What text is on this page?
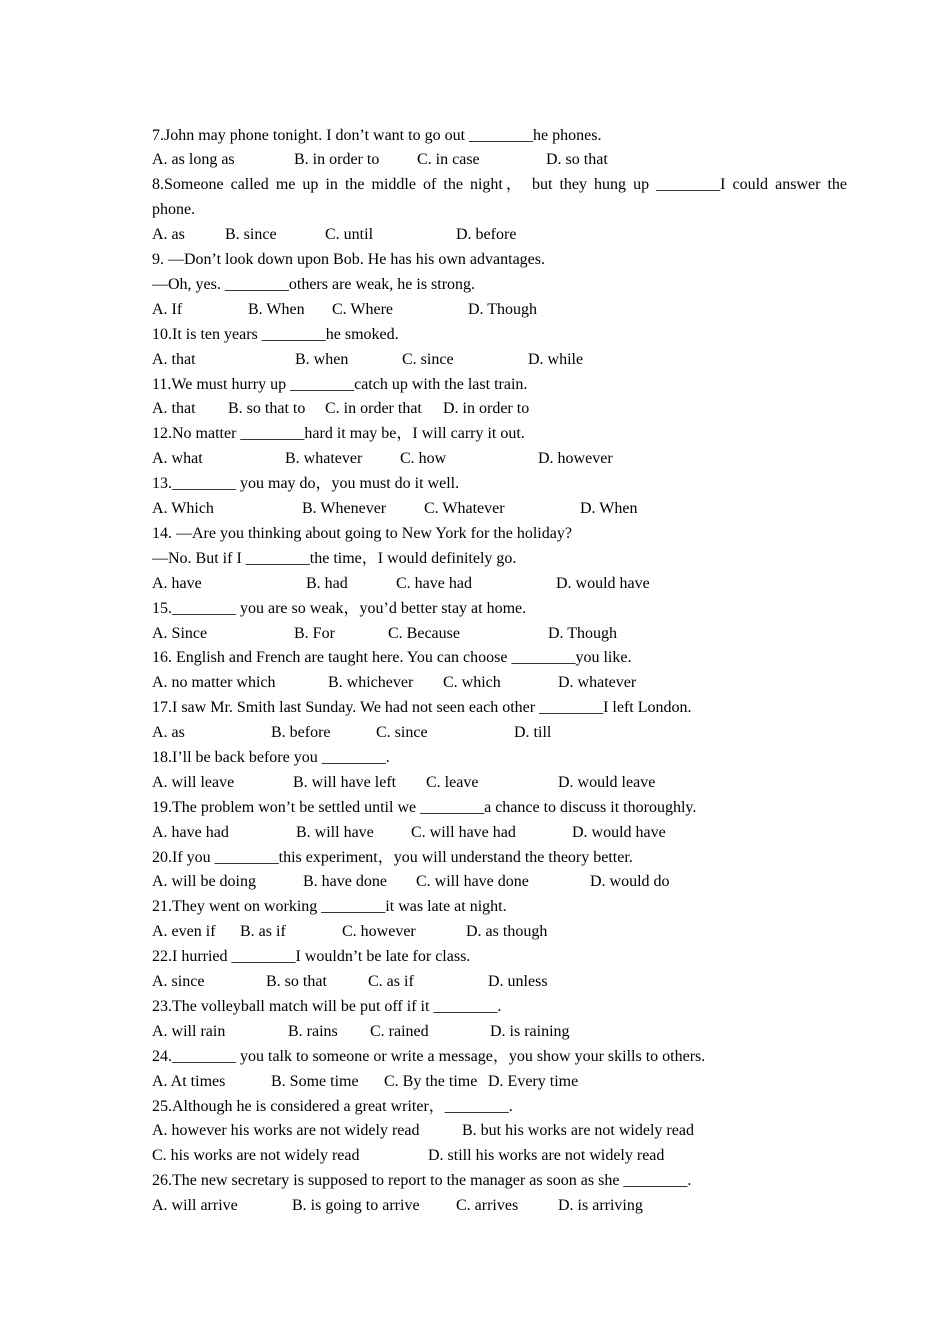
7.John may phone tonight. I don’t want to go out ________he phones.
A. as long as	B. in order to C. in case	D. so that
8.Someone called me up in the middle of the night， but they hung up ________I could answer the
phone.
A. as	B. since	C. until	D. before
9. —Don’t look down upon Bob. He has his own advantages.
—Oh, yes. ________others are weak, he is strong.
A. If	B. When C. Where	D. Though
10.It is ten years ________he smoked.
A. that	B. when	C. since	D. while
11.We must hurry up ________catch up with the last train.
A. that B. so that to C. in order that D. in order to
12.No matter ________hard it may be，I will carry it out.
A. what	B. whatever C. how	D. however
13.________ you may do，you must do it well.
A. Which	B. Whenever C. Whatever	D. When
14. —Are you thinking about going to New York for the holiday?
—No. But if I ________the time，I would definitely go.
A. have	B. had	C. have had	D. would have
15.________ you are so weak，you’d better stay at home.
A. Since	B. For	C. Because	D. Though
16. English and French are taught here. You can choose ________you like.
A. no matter which	B. whichever C. which	D. whatever
17.I saw Mr. Smith last Sunday. We had not seen each other ________I left London.
A. as	B. before	C. since	D. till
18.I’ll be back before you ________.
A. will leave	B. will have left C. leave	D. would leave
19.The problem won’t be settled until we ________a chance to discuss it thoroughly.
A. have had	B. will have C. will have had	D. would have
20.If you ________this experiment，you will understand the theory better.
A. will be doing	B. have done C. will have done	D. would do
21.They went on working ________it was late at night.
A. even if B. as if	C. however	D. as though
22.I hurried ________I wouldn’t be late for class.
A. since	B. so that	C. as if	D. unless
23.The volleyball match will be put off if it ________.
A. will rain	B. rains C. rained	D. is raining
24.________ you talk to someone or write a message，you show your skills to others.
A. At times	B. Some time C. By the time D. Every time
25.Although he is considered a great writer，________.
A. however his works are not widely read	B. but his works are not widely read
C. his works are not widely read	D. still his works are not widely read
26.The new secretary is supposed to report to the manager as soon as she ________.
A. will arrive	B. is going to arrive C. arrives D. is arriving
